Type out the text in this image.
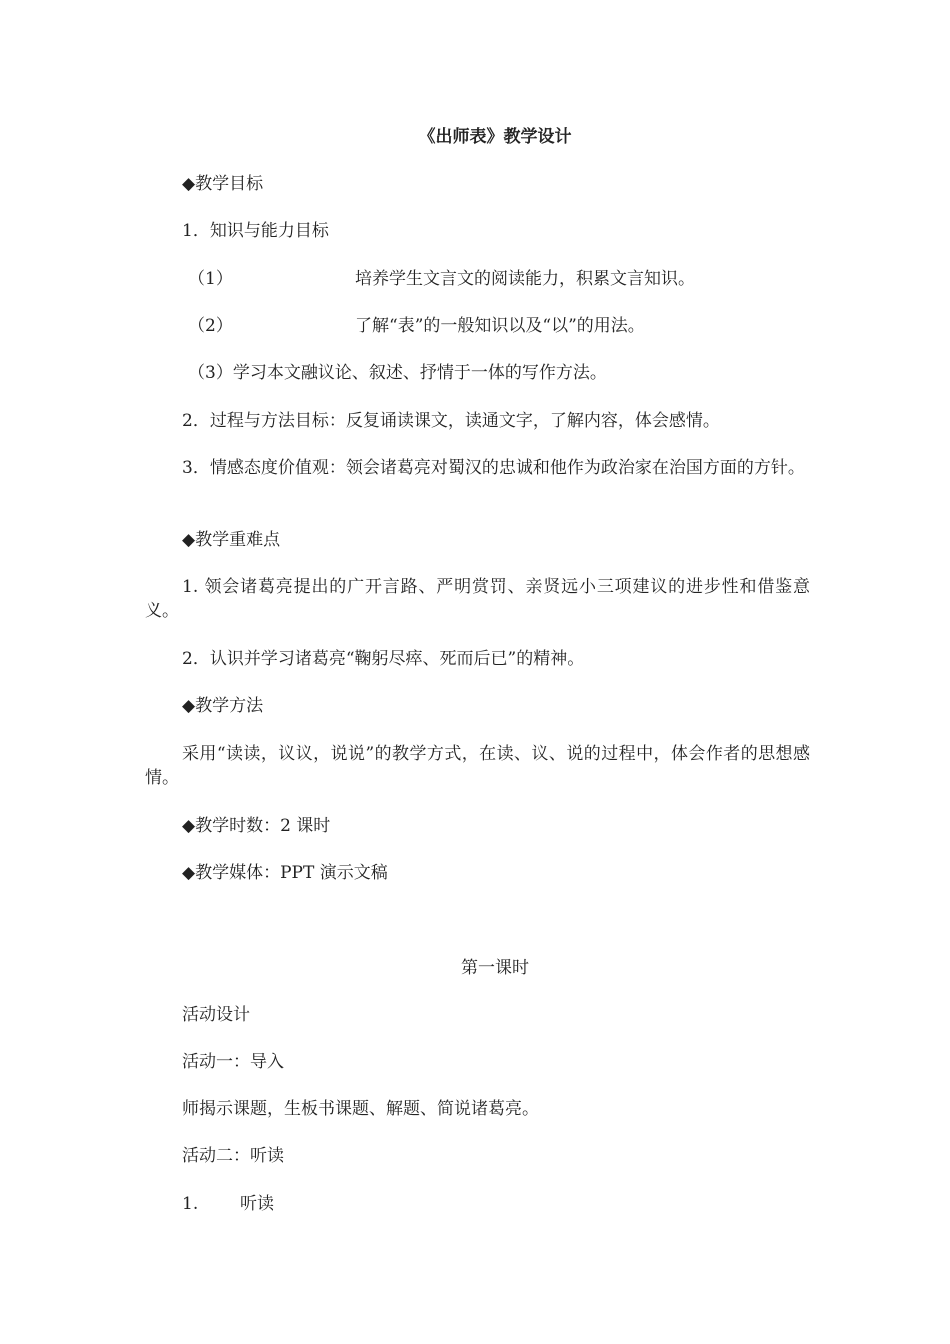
《出师表》教学设计
◆教学目标
1．知识与能力目标
（1）	培养学生文言文的阅读能力，积累文言知识。
（2）	了解“表”的一般知识以及“以”的用法。
（3）学习本文融议论、叙述、抒情于一体的写作方法。
2．过程与方法目标：反复诵读课文，读通文字，了解内容，体会感情。
3．情感态度价值观：领会诸葛亮对蜀汉的忠诚和他作为政治家在治国方面的方针。
◆教学重难点
1. 领会诸葛亮提出的广开言路、严明赏罚、亲贤远小三项建议的进步性和借鉴意义。
2．认识并学习诸葛亮“鞠躬尽瘁、死而后已”的精神。
◆教学方法
采用“读读，议议，说说”的教学方式，在读、议、说的过程中，体会作者的思想感情。
◆教学时数：2 课时
◆教学媒体：PPT 演示文稿
第一课时
活动设计
活动一：导入
师揭示课题，生板书课题、解题、简说诸葛亮。
活动二：听读
1. 听读
